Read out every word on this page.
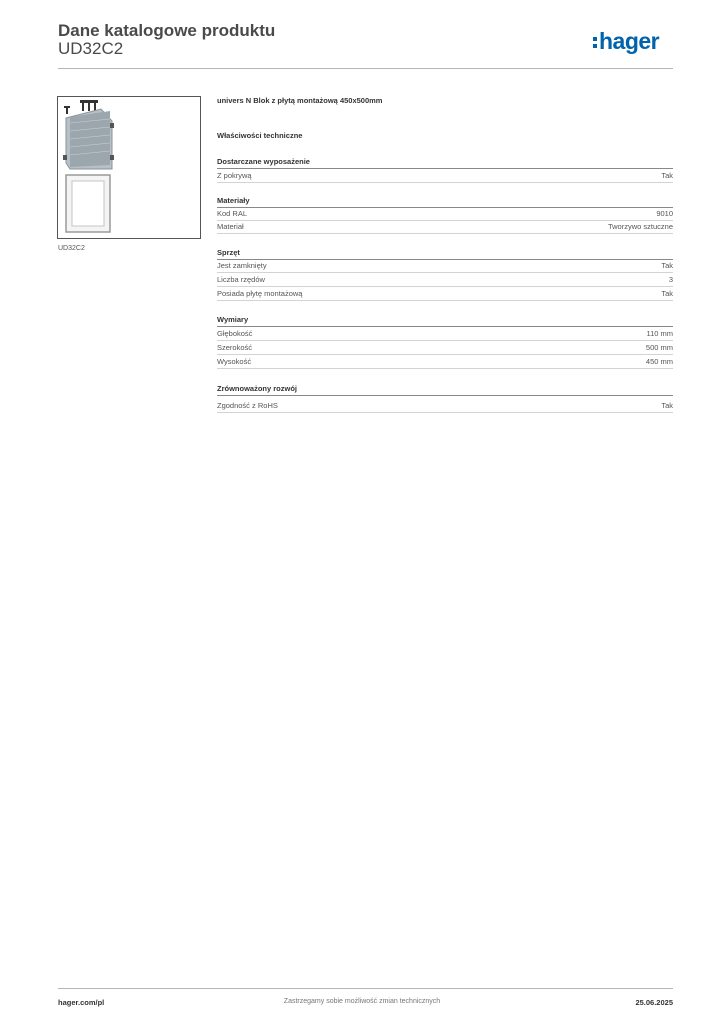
Dane katalogowe produktu
UD32C2	hager
UD32C2
univers N Blok z płytą montażową 450x500mm
Właściwości techniczne
Dostarczane wyposażenie
Z pokrywą	Tak
Materiały
Kod RAL	9010
Materiał	Tworzywo sztuczne
Sprzęt
Jest zamknięty	Tak
Liczba rzędów	3
Posiada płytę montażową	Tak
Wymiary
Głębokość	110 mm
Szerokość	500 mm
Wysokość	450 mm
Zrównoważony rozwój
Zgodność z RoHS	Tak
hager.com/pl	Zastrzegamy sobie możliwość zmian technicznych	25.06.2025
